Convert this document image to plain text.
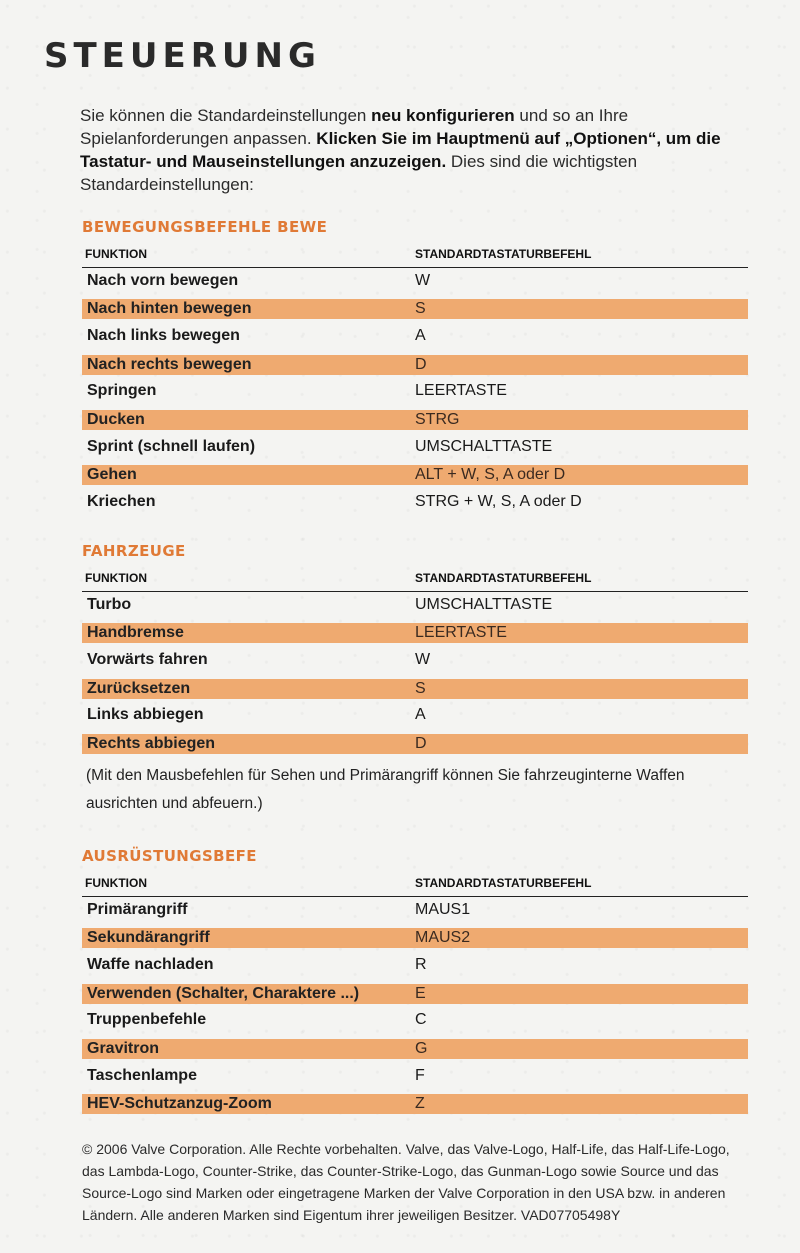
STEUERUNG
Sie können die Standardeinstellungen neu konfigurieren und so an Ihre Spielanforderungen anpassen. Klicken Sie im Hauptmenü auf „Optionen“, um die Tastatur- und Mauseinstellungen anzuzeigen. Dies sind die wichtigsten Standardeinstellungen:
BEWEGUNGSBEFEHLE BEWE
FUNKTION	STANDARDTASTATURBEFEHL
Nach vorn bewegen	W
Nach hinten bewegen	S
Nach links bewegen	A
Nach rechts bewegen	D
Springen	LEERTASTE
Ducken	STRG
Sprint (schnell laufen)	UMSCHALTTASTE
Gehen	ALT + W, S, A oder D
Kriechen	STRG + W, S, A oder D
FAHRZEUGE
FUNKTION	STANDARDTASTATURBEFEHL
Turbo	UMSCHALTTASTE
Handbremse	LEERTASTE
Vorwärts fahren	W
Zurücksetzen	S
Links abbiegen	A
Rechts abbiegen	D
(Mit den Mausbefehlen für Sehen und Primärangriff können Sie fahrzeuginterne Waffen ausrichten und abfeuern.)
AUSRÜSTUNGSBEFE
FUNKTION	STANDARDTASTATURBEFEHL
Primärangriff	MAUS1
Sekundärangriff	MAUS2
Waffe nachladen	R
Verwenden (Schalter, Charaktere ...)	E
Truppenbefehle	C
Gravitron	G
Taschenlampe	F
HEV-Schutzanzug-Zoom	Z
© 2006 Valve Corporation. Alle Rechte vorbehalten. Valve, das Valve-Logo, Half-Life, das Half-Life-Logo, das Lambda-Logo, Counter-Strike, das Counter-Strike-Logo, das Gunman-Logo sowie Source und das Source-Logo sind Marken oder eingetragene Marken der Valve Corporation in den USA bzw. in anderen Ländern. Alle anderen Marken sind Eigentum ihrer jeweiligen Besitzer. VAD07705498Y
